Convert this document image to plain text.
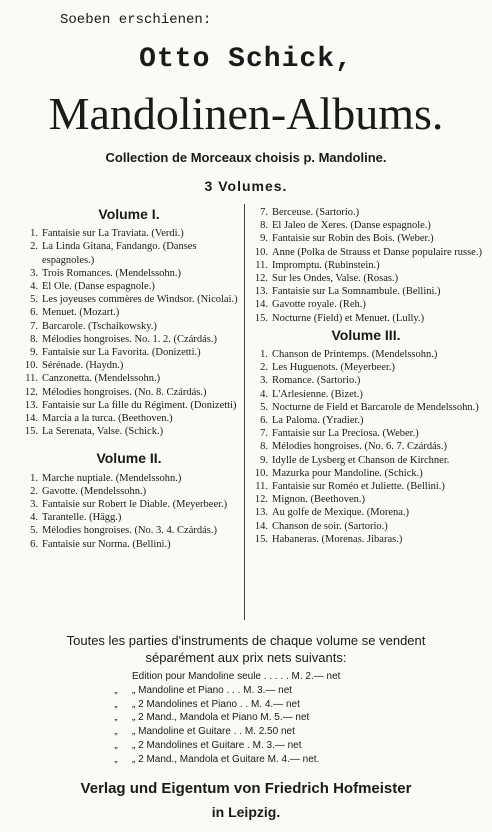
Soeben erschienen:
Otto Schick,
Mandolinen-Albums.
Collection de Morceaux choisis p. Mandoline.
3 Volumes.
Volume I.
1. Fantaisie sur La Traviata. (Verdi.)
2. La Linda Gitana, Fandango. (Danses espagnoles.)
3. Trois Romances. (Mendelssohn.)
4. El Ole. (Danse espagnole.)
5. Les joyeuses commères de Windsor. (Nicolai.)
6. Menuet. (Mozart.)
7. Barcarole. (Tschaikowsky.)
8. Mélodies hongroises. No. 1. 2. (Czárdás.)
9. Fantaisie sur La Favorita. (Donizetti.)
10. Sérénade. (Haydn.)
11. Canzonetta. (Mendelssohn.)
12. Mélodies hongroises. (No. 8. Czárdás.)
13. Fantaisie sur La fille du Régiment. (Donizetti)
14. Marcia a la turca. (Beethoven.)
15. La Serenata, Valse. (Schick.)
Volume II.
1. Marche nuptiale. (Mendelssohn.)
2. Gavotte. (Mendelssohn.)
3. Fantaisie sur Robert le Diable. (Meyerbeer.)
4. Tarantelle. (Hägg.)
5. Mélodies hongroises. (No. 3. 4. Czárdás.)
6. Fantaisie sur Norma. (Bellini.)
7. Berceuse. (Sartorio.)
8. El Jaleo de Xeres. (Danse espagnole.)
9. Fantaisie sur Robin des Bois. (Weber.)
10. Anne (Polka de Strauss et Danse populaire russe.)
11. Impromptu. (Rubinstein.)
12. Sur les Ondes, Valse. (Rosas.)
13. Fantaisie sur La Somnambule. (Bellini.)
14. Gavotte royale. (Reh.)
15. Nocturne (Field) et Menuet. (Lully.)
Volume III.
1. Chanson de Printemps. (Mendelssohn.)
2. Les Huguenots. (Meyerbeer.)
3. Romance. (Sartorio.)
4. L'Arlesienne. (Bizet.)
5. Nocturne de Field et Barcarole de Mendelssohn.)
6. La Paloma. (Yradier.)
7. Fantaisie sur La Preciosa. (Weber.)
8. Mélodies hongroises. (No. 6. 7. Czárdás.)
9. Idylle de Lysberg et Chanson de Kirchner.
10. Mazurka pour Mandoline. (Schick.)
11. Fantaisie sur Roméo et Juliette. (Bellini.)
12. Mignon. (Beethoven.)
13. Au golfe de Mexique. (Morena.)
14. Chanson de soir. (Sartorio.)
15. Habaneras. (Morenas. Jibaras.)
Toutes les parties d'instruments de chaque volume se vendent
séparément aux prix nets suivants:
Edition pour Mandoline seule . . . . . M. 2.— net
„	„ Mandoline et Piano . . . M. 3.— net
„	„ 2 Mandolines et Piano . . M. 4.— net
„	„ 2 Mand., Mandola et Piano M. 5.— net
„	„ Mandoline et Guitare . . M. 2.50 net
„	„ 2 Mandolines et Guitare . M. 3.— net
„	„ 2 Mand., Mandola et Guitare M. 4.— net.
Verlag und Eigentum von Friedrich Hofmeister
in Leipzig.
